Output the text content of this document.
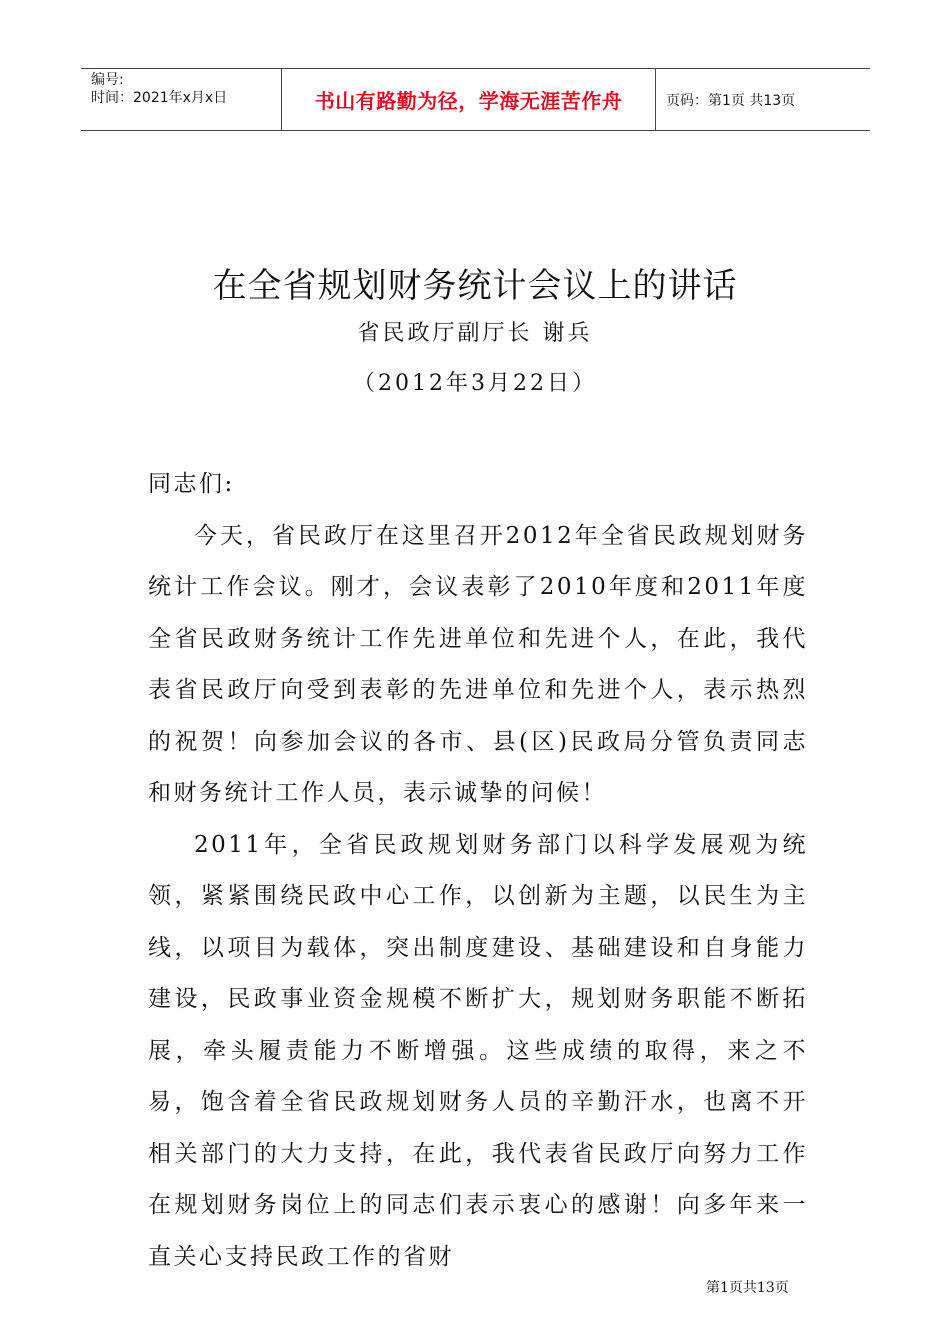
编号:
时间：2021年x月x日	书山有路勤为径，学海无涯苦作舟	页码：第1页 共13页
在全省规划财务统计会议上的讲话
省民政厅副厅长 谢兵
（2012年3月22日）

同志们:

今天，省民政厅在这里召开2012年全省民政规划财务统计工作会议。刚才，会议表彰了2010年度和2011年度全省民政财务统计工作先进单位和先进个人，在此，我代表省民政厅向受到表彰的先进单位和先进个人，表示热烈的祝贺！向参加会议的各市、县(区)民政局分管负责同志和财务统计工作人员，表示诚挚的问候！

2011年，全省民政规划财务部门以科学发展观为统领，紧紧围绕民政中心工作，以创新为主题，以民生为主线，以项目为载体，突出制度建设、基础建设和自身能力建设，民政事业资金规模不断扩大，规划财务职能不断拓展，牵头履责能力不断增强。这些成绩的取得，来之不易，饱含着全省民政规划财务人员的辛勤汗水，也离不开相关部门的大力支持，在此，我代表省民政厅向努力工作在规划财务岗位上的同志们表示衷心的感谢！向多年来一直关心支持民政工作的省财

第1页共13页
